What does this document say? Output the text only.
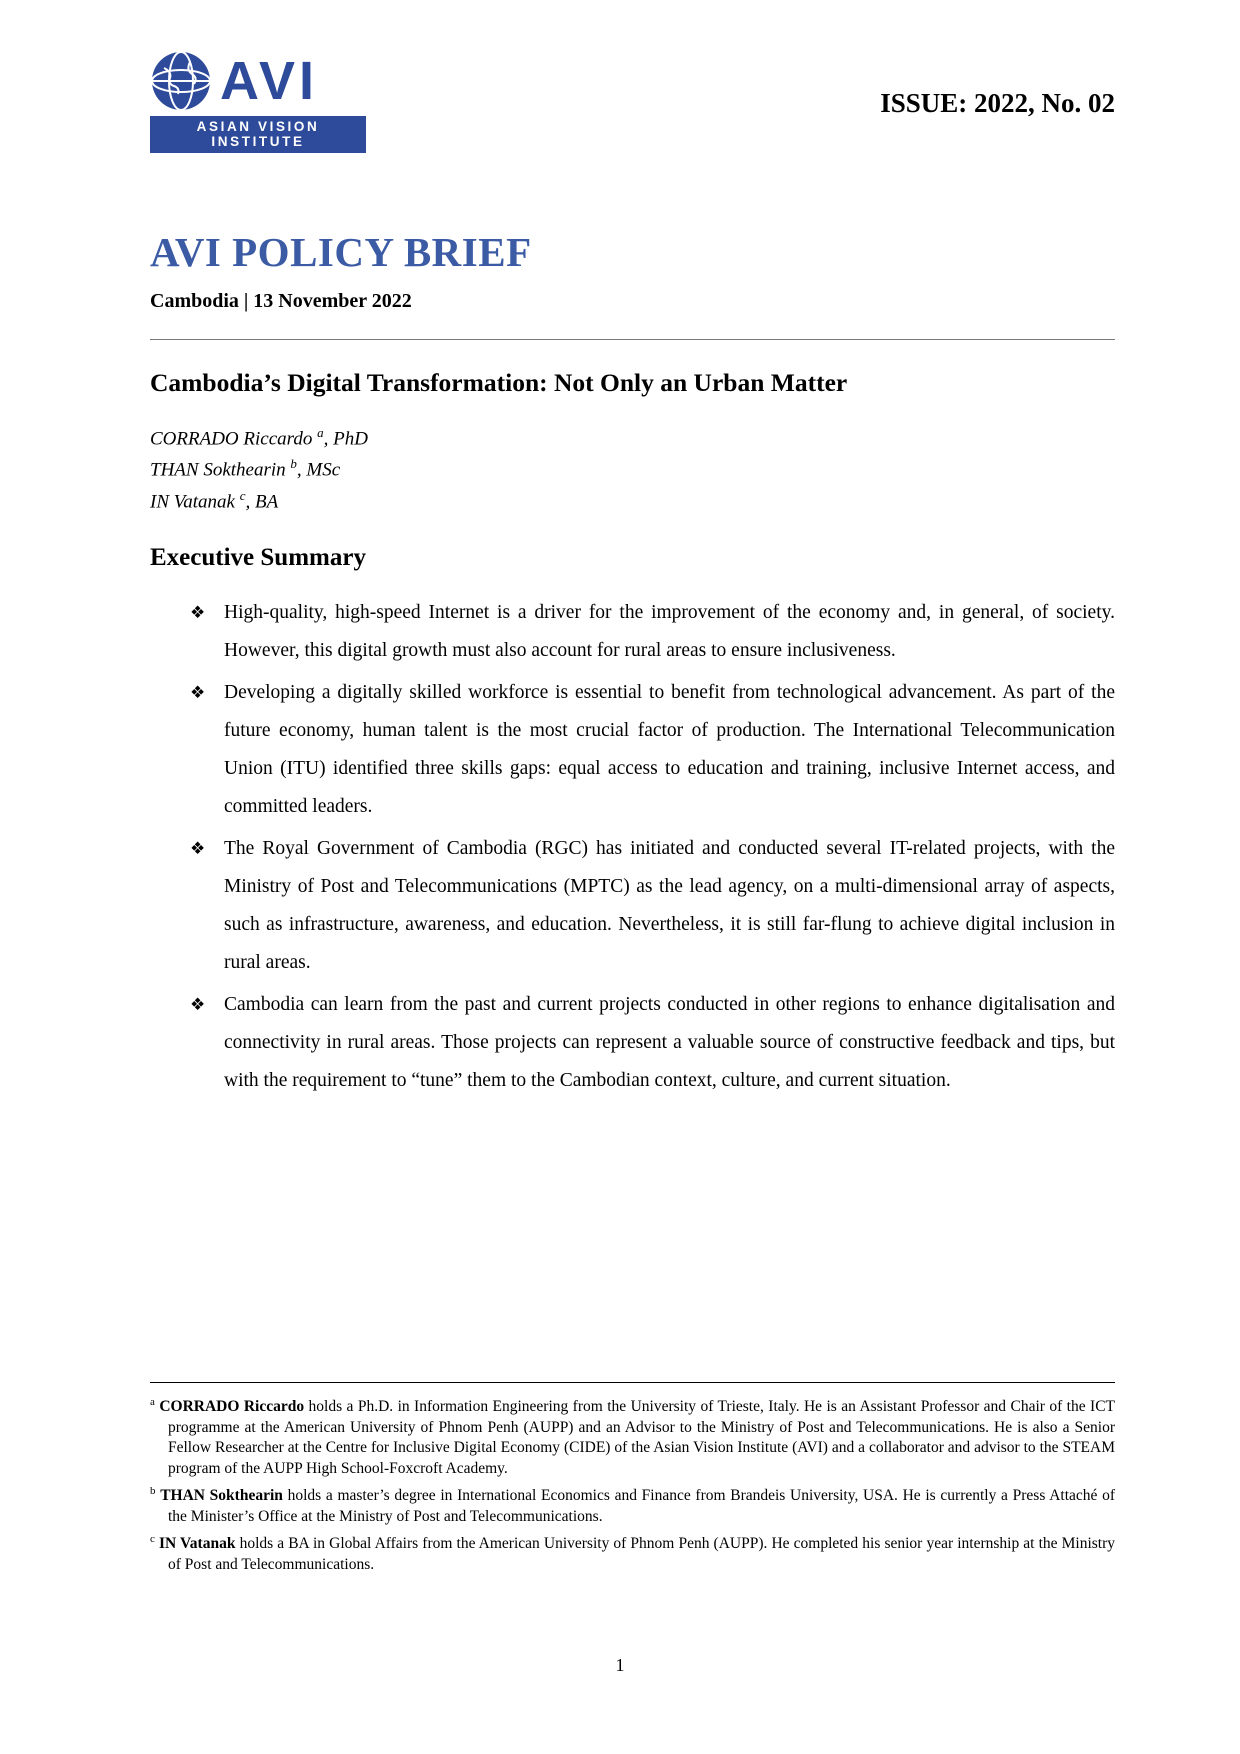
AVI
ASIAN VISION INSTITUTE
ISSUE: 2022, No. 02
AVI POLICY BRIEF
Cambodia | 13 November 2022
Cambodia’s Digital Transformation: Not Only an Urban Matter
CORRADO Riccardo $^a$, PhD
THAN Sokthearin $^b$, MSc
IN Vatanak $^c$, BA
Executive Summary
❖ High-quality, high-speed Internet is a driver for the improvement of the economy and, in general, of society. However, this digital growth must also account for rural areas to ensure inclusiveness.
❖ Developing a digitally skilled workforce is essential to benefit from technological advancement. As part of the future economy, human talent is the most crucial factor of production. The International Telecommunication Union (ITU) identified three skills gaps: equal access to education and training, inclusive Internet access, and committed leaders.
❖ The Royal Government of Cambodia (RGC) has initiated and conducted several IT-related projects, with the Ministry of Post and Telecommunications (MPTC) as the lead agency, on a multi-dimensional array of aspects, such as infrastructure, awareness, and education. Nevertheless, it is still far-flung to achieve digital inclusion in rural areas.
❖ Cambodia can learn from the past and current projects conducted in other regions to enhance digitalisation and connectivity in rural areas. Those projects can represent a valuable source of constructive feedback and tips, but with the requirement to “tune” them to the Cambodian context, culture, and current situation.

$^a$ CORRADO Riccardo holds a Ph.D. in Information Engineering from the University of Trieste, Italy. He is an Assistant Professor and Chair of the ICT programme at the American University of Phnom Penh (AUPP) and an Advisor to the Ministry of Post and Telecommunications. He is also a Senior Fellow Researcher at the Centre for Inclusive Digital Economy (CIDE) of the Asian Vision Institute (AVI) and a collaborator and advisor to the STEAM program of the AUPP High School-Foxcroft Academy.

$^b$ THAN Sokthearin holds a master’s degree in International Economics and Finance from Brandeis University, USA. He is currently a Press Attaché of the Minister’s Office at the Ministry of Post and Telecommunications.

$^c$ IN Vatanak holds a BA in Global Affairs from the American University of Phnom Penh (AUPP). He completed his senior year internship at the Ministry of Post and Telecommunications.

1
